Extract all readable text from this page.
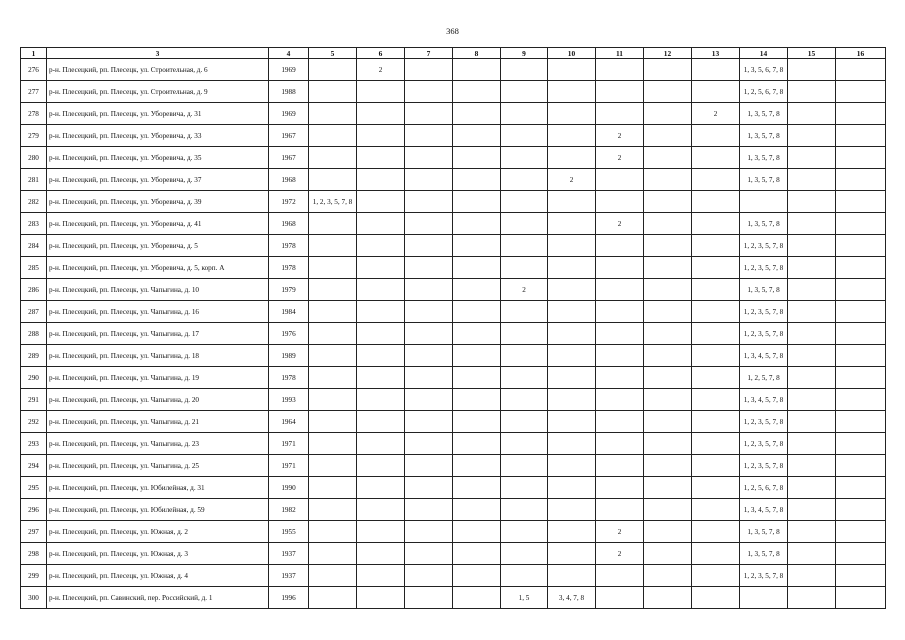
368
1	3	4	5	6	7	8	9	10	11	12	13	14	15	16
276	р-н. Плесецкий, рп. Плесецк, ул. Строительная, д. 6	1969		2								1, 3, 5, 6, 7, 8		
277	р-н. Плесецкий, рп. Плесецк, ул. Строительная, д. 9	1988										1, 2, 5, 6, 7, 8		
278	р-н. Плесецкий, рп. Плесецк, ул. Уборевича, д. 31	1969									2	1, 3, 5, 7, 8		
279	р-н. Плесецкий, рп. Плесецк, ул. Уборевича, д. 33	1967							2			1, 3, 5, 7, 8		
280	р-н. Плесецкий, рп. Плесецк, ул. Уборевича, д. 35	1967							2			1, 3, 5, 7, 8		
281	р-н. Плесецкий, рп. Плесецк, ул. Уборевича, д. 37	1968						2				1, 3, 5, 7, 8		
282	р-н. Плесецкий, рп. Плесецк, ул. Уборевича, д. 39	1972	1, 2, 3, 5, 7, 8											
283	р-н. Плесецкий, рп. Плесецк, ул. Уборевича, д. 41	1968							2			1, 3, 5, 7, 8		
284	р-н. Плесецкий, рп. Плесецк, ул. Уборевича, д. 5	1978										1, 2, 3, 5, 7, 8		
285	р-н. Плесецкий, рп. Плесецк, ул. Уборевича, д. 5, корп. А	1978										1, 2, 3, 5, 7, 8		
286	р-н. Плесецкий, рп. Плесецк, ул. Чапыгина, д. 10	1979					2					1, 3, 5, 7, 8		
287	р-н. Плесецкий, рп. Плесецк, ул. Чапыгина, д. 16	1984										1, 2, 3, 5, 7, 8		
288	р-н. Плесецкий, рп. Плесецк, ул. Чапыгина, д. 17	1976										1, 2, 3, 5, 7, 8		
289	р-н. Плесецкий, рп. Плесецк, ул. Чапыгина, д. 18	1989										1, 3, 4, 5, 7, 8		
290	р-н. Плесецкий, рп. Плесецк, ул. Чапыгина, д. 19	1978										1, 2, 5, 7, 8		
291	р-н. Плесецкий, рп. Плесецк, ул. Чапыгина, д. 20	1993										1, 3, 4, 5, 7, 8		
292	р-н. Плесецкий, рп. Плесецк, ул. Чапыгина, д. 21	1964										1, 2, 3, 5, 7, 8		
293	р-н. Плесецкий, рп. Плесецк, ул. Чапыгина, д. 23	1971										1, 2, 3, 5, 7, 8		
294	р-н. Плесецкий, рп. Плесецк, ул. Чапыгина, д. 25	1971										1, 2, 3, 5, 7, 8		
295	р-н. Плесецкий, рп. Плесецк, ул. Юбилейная, д. 31	1990										1, 2, 5, 6, 7, 8		
296	р-н. Плесецкий, рп. Плесецк, ул. Юбилейная, д. 59	1982										1, 3, 4, 5, 7, 8		
297	р-н. Плесецкий, рп. Плесецк, ул. Южная, д. 2	1955							2			1, 3, 5, 7, 8		
298	р-н. Плесецкий, рп. Плесецк, ул. Южная, д. 3	1937							2			1, 3, 5, 7, 8		
299	р-н. Плесецкий, рп. Плесецк, ул. Южная, д. 4	1937										1, 2, 3, 5, 7, 8		
300	р-н. Плесецкий, рп. Савинский, пер. Российский, д. 1	1996					1, 5	3, 4, 7, 8						
